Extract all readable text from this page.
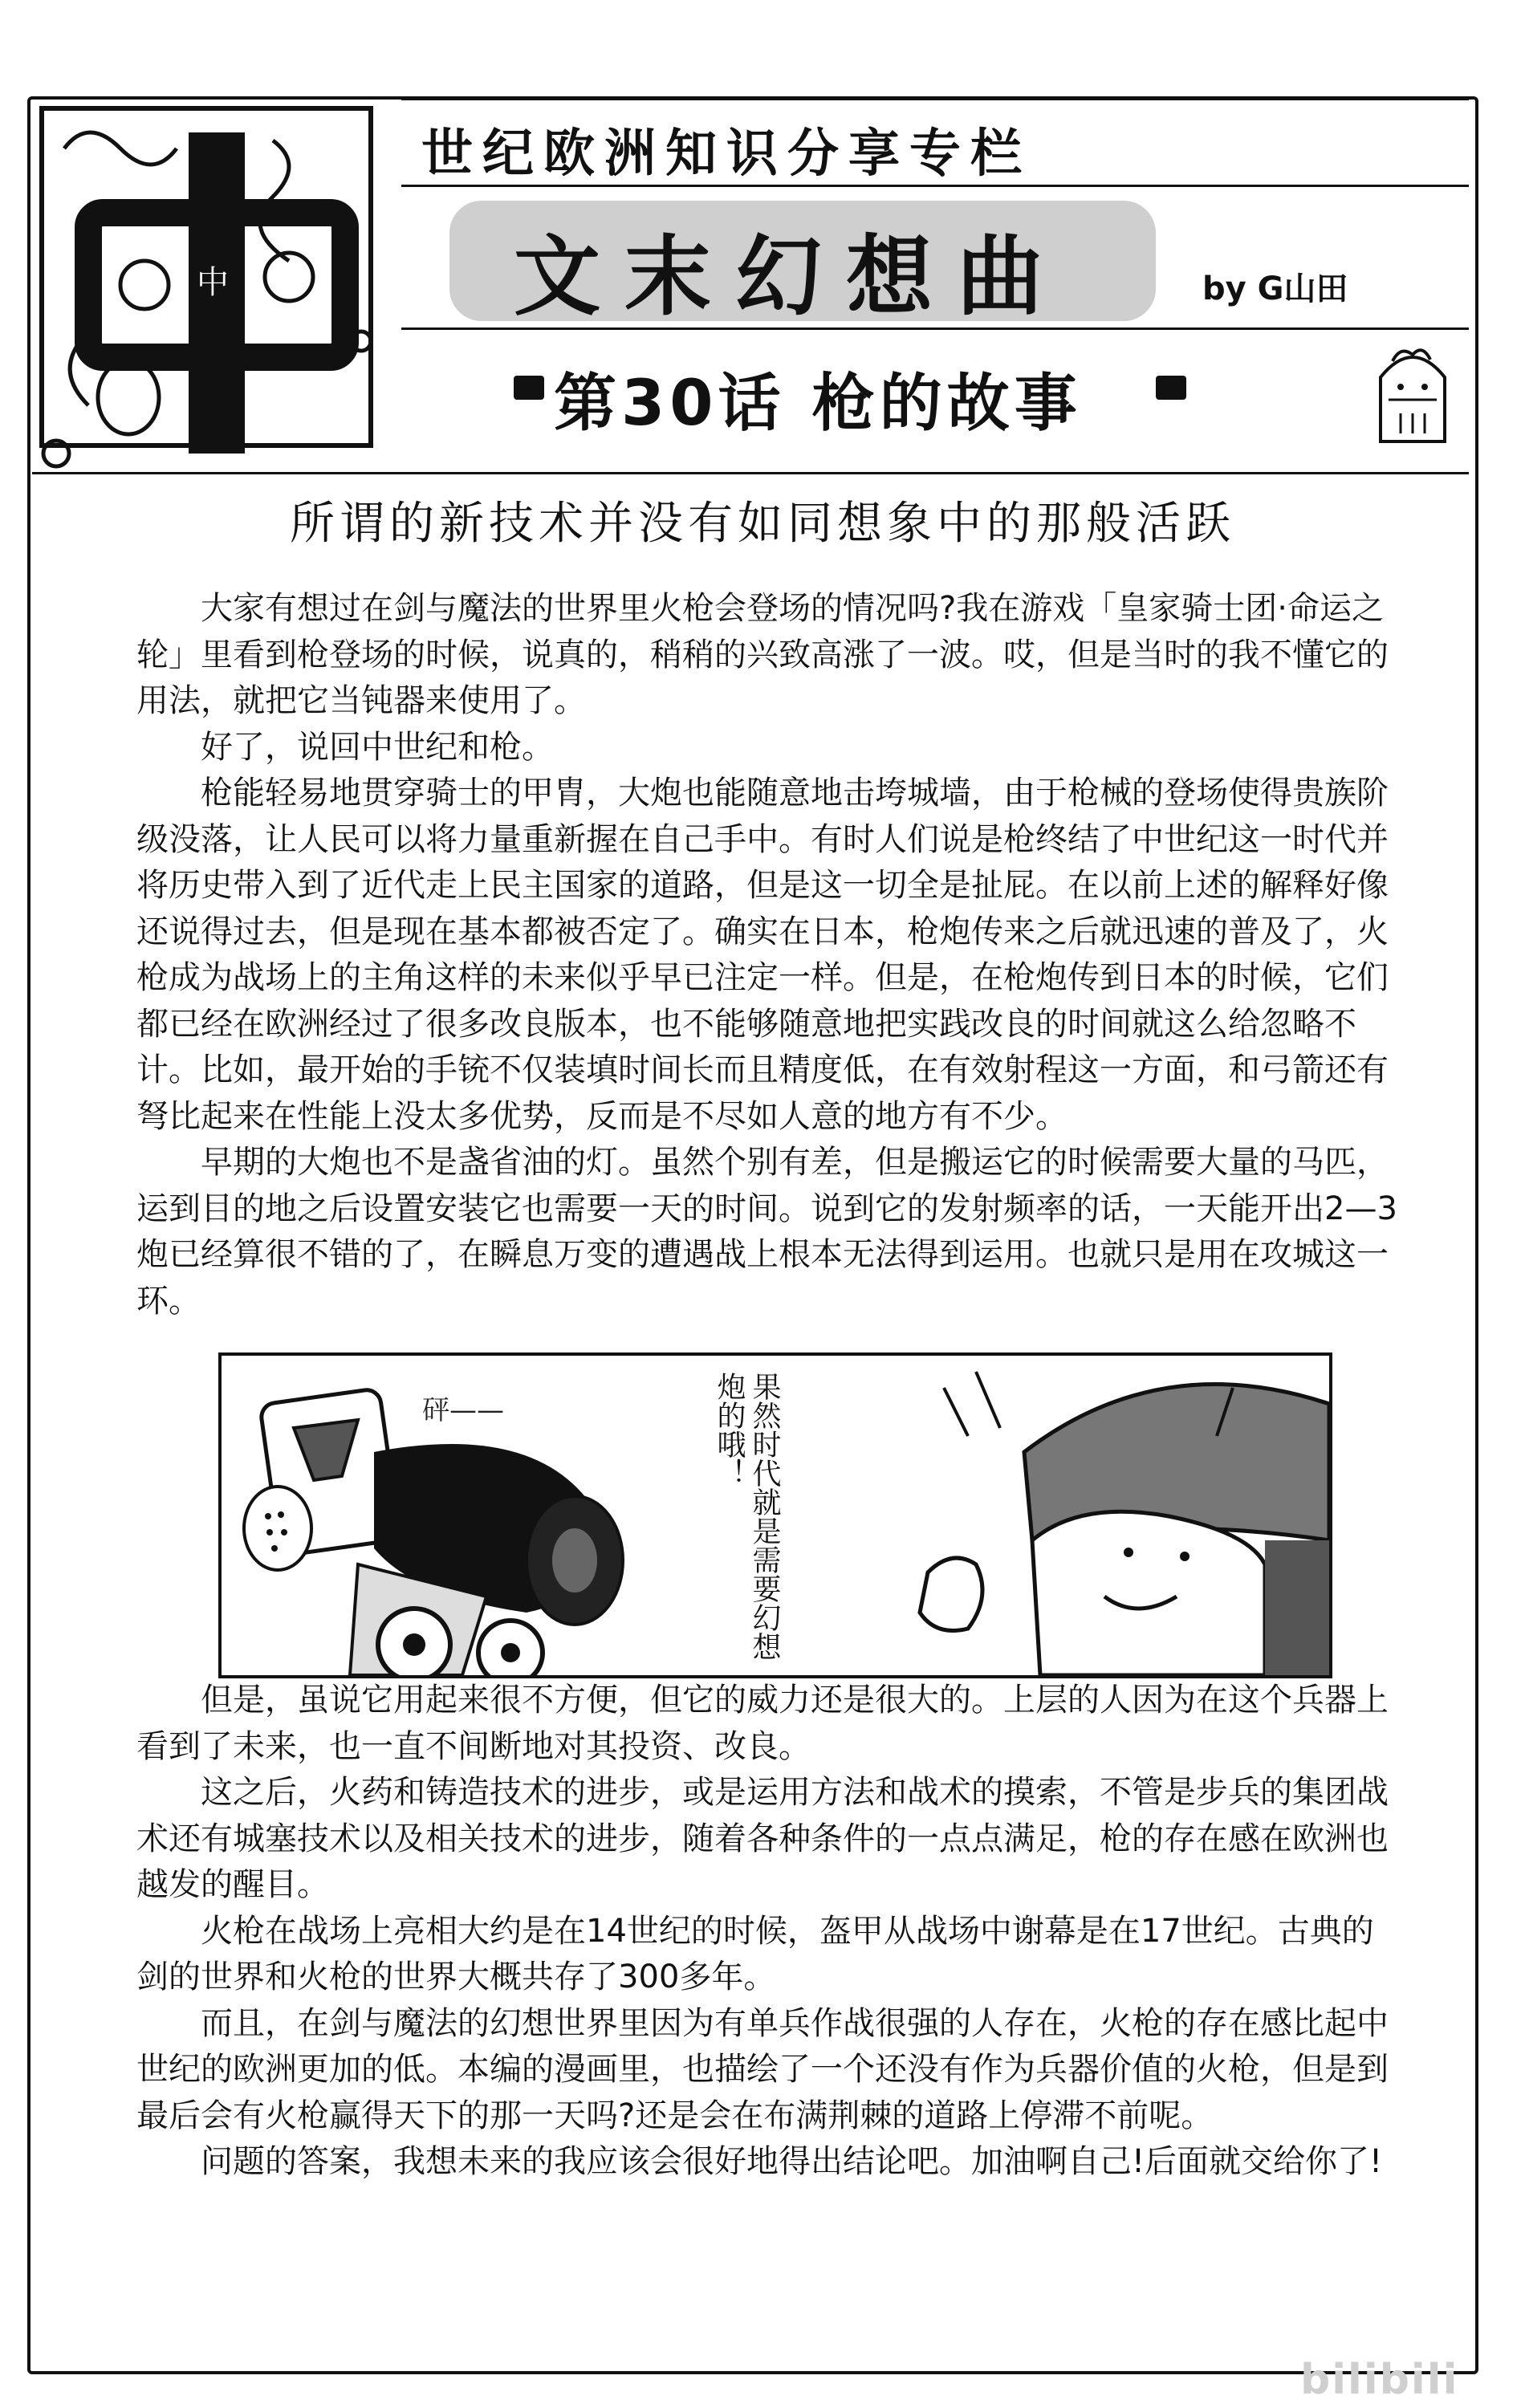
中
世纪欧洲知识分享专栏
文末幻想曲	by G山田
第30话 枪的故事
所谓的新技术并没有如同想象中的那般活跃

大家有想过在剑与魔法的世界里火枪会登场的情况吗?我在游戏「皇家骑士团·命运之轮」里看到枪登场的时候，说真的，稍稍的兴致高涨了一波。哎，但是当时的我不懂它的用法，就把它当钝器来使用了。

好了，说回中世纪和枪。

枪能轻易地贯穿骑士的甲胄，大炮也能随意地击垮城墙，由于枪械的登场使得贵族阶级没落，让人民可以将力量重新握在自己手中。有时人们说是枪终结了中世纪这一时代并将历史带入到了近代走上民主国家的道路，但是这一切全是扯屁。在以前上述的解释好像还说得过去，但是现在基本都被否定了。确实在日本，枪炮传来之后就迅速的普及了，火枪成为战场上的主角这样的未来似乎早已注定一样。但是，在枪炮传到日本的时候，它们都已经在欧洲经过了很多改良版本，也不能够随意地把实践改良的时间就这么给忽略不计。比如，最开始的手铳不仅装填时间长而且精度低，在有效射程这一方面，和弓箭还有弩比起来在性能上没太多优势，反而是不尽如人意的地方有不少。

早期的大炮也不是盏省油的灯。虽然个别有差，但是搬运它的时候需要大量的马匹，运到目的地之后设置安装它也需要一天的时间。说到它的发射频率的话，一天能开出2—3炮已经算很不错的了，在瞬息万变的遭遇战上根本无法得到运用。也就只是用在攻城这一环。

砰——	果然时代就是需要幻想炮的哦！

但是，虽说它用起来很不方便，但它的威力还是很大的。上层的人因为在这个兵器上看到了未来，也一直不间断地对其投资、改良。

这之后，火药和铸造技术的进步，或是运用方法和战术的摸索，不管是步兵的集团战术还有城塞技术以及相关技术的进步，随着各种条件的一点点满足，枪的存在感在欧洲也越发的醒目。

火枪在战场上亮相大约是在14世纪的时候，盔甲从战场中谢幕是在17世纪。古典的剑的世界和火枪的世界大概共存了300多年。

而且，在剑与魔法的幻想世界里因为有单兵作战很强的人存在，火枪的存在感比起中世纪的欧洲更加的低。本编的漫画里，也描绘了一个还没有作为兵器价值的火枪，但是到最后会有火枪赢得天下的那一天吗?还是会在布满荆棘的道路上停滞不前呢。

问题的答案，我想未来的我应该会很好地得出结论吧。加油啊自己!后面就交给你了!

bilibili
